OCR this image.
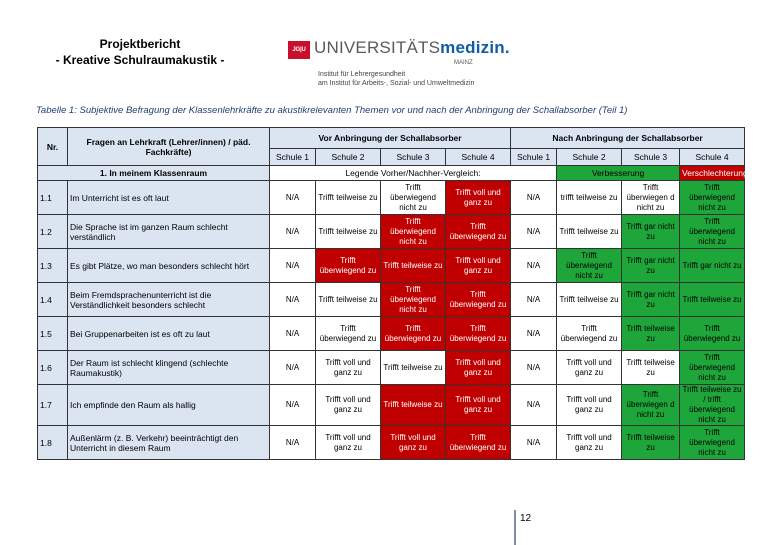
Projektbericht
- Kreative Schulraumakustik -
JG|U UNIVERSITÄTSmedizin.
MAINZ
Institut für Lehrergesundheit
am Institut für Arbeits-, Sozial- und Umweltmedizin
Tabelle 1: Subjektive Befragung der Klassenlehrkräfte zu akustikrelevanten Themen vor und nach der Anbringung der Schallabsorber (Teil 1)
Nr.	Fragen an Lehrkraft (Lehrer/innen) / päd. Fachkräfte)	Vor Anbringung der Schallabsorber				Nach Anbringung der Schallabsorber			
		Schule 1	Schule 2	Schule 3	Schule 4	Schule 1	Schule 2	Schule 3	Schule 4
1. In meinem Klassenraum		Legende Vorher/Nachher-Vergleich:					Verbesserung		Verschlechterung
1.1	Im Unterricht ist es oft laut	N/A	Trifft teilweise zu	Trifft überwiegend nicht zu	Trifft voll und ganz zu	N/A	trifft teilweise zu	Trifft überwiegen d nicht zu	Trifft überwiegend nicht zu
1.2	Die Sprache ist im ganzen Raum schlecht verständlich	N/A	Trifft teilweise zu	Trifft überwiegend nicht zu	Trifft überwiegend zu	N/A	Trifft teilweise zu	Trifft gar nicht zu	Trifft überwiegend nicht zu
1.3	Es gibt Plätze, wo man besonders schlecht hört	N/A	Trifft überwiegend zu	Trifft teilweise zu	Trifft voll und ganz zu	N/A	Trifft überwiegend nicht zu	Trifft gar nicht zu	Trifft gar nicht zu
1.4	Beim Fremdsprachenunterricht ist die Verständlichkeit besonders schlecht	N/A	Trifft teilweise zu	Trifft überwiegend nicht zu	Trifft überwiegend zu	N/A	Trifft teilweise zu	Trifft gar nicht zu	Trifft teilweise zu
1.5	Bei Gruppenarbeiten ist es oft zu laut	N/A	Trifft überwiegend zu	Trifft überwiegend zu	Trifft überwiegend zu	N/A	Trifft überwiegend zu	Trifft teilweise zu	Trifft überwiegend zu
1.6	Der Raum ist schlecht klingend (schlechte Raumakustik)	N/A	Trifft voll und ganz zu	Trifft teilweise zu	Trifft voll und ganz zu	N/A	Trifft voll und ganz zu	Trifft teilweise zu	Trifft überwiegend nicht zu
1.7	Ich empfinde den Raum als hallig	N/A	Trifft voll und ganz zu	Trifft teilweise zu	Trifft voll und ganz zu	N/A	Trifft voll und ganz zu	Trifft überwiegen d nicht zu	Trifft teilweise zu / trifft überwiegend nicht zu
1.8	Außenlärm (z. B. Verkehr) beeinträchtigt den Unterricht in diesem Raum	N/A	Trifft voll und ganz zu	Trifft voll und ganz zu	Trifft überwiegend zu	N/A	Trifft voll und ganz zu	Trifft teilweise zu	Trifft überwiegend nicht zu
12
